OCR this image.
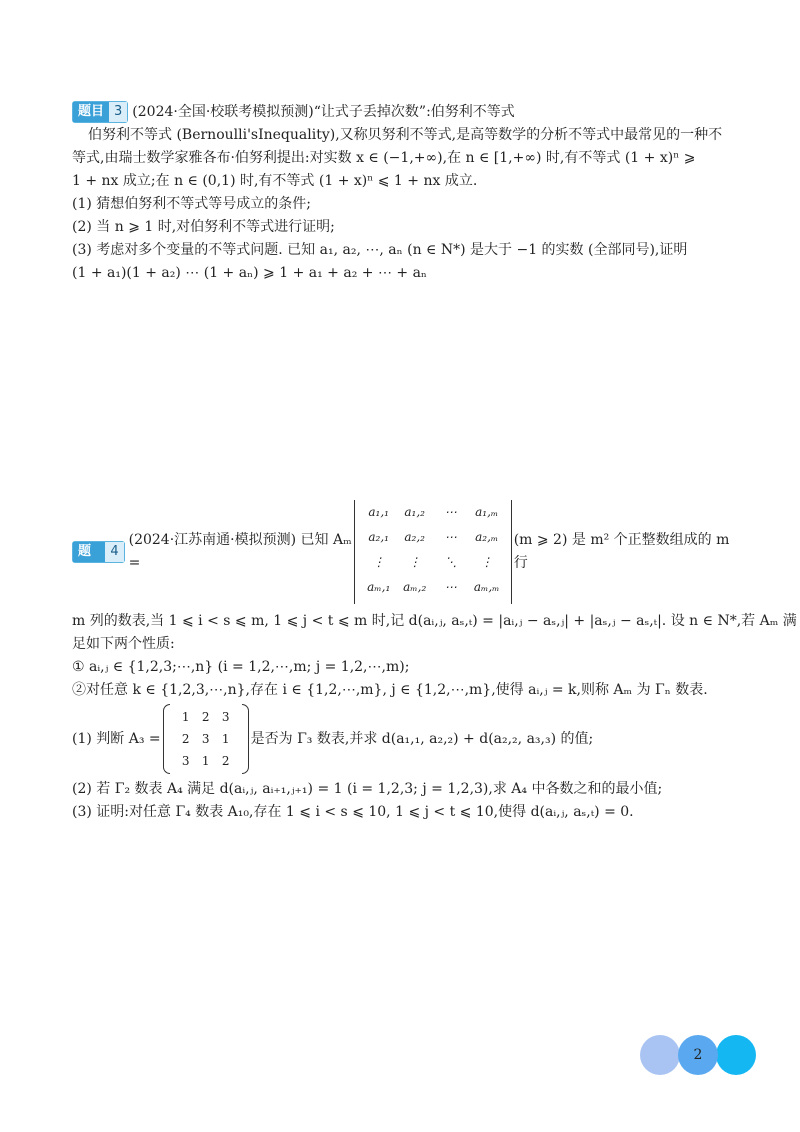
题目 3 (2024·全国·校联考模拟预测)“让式子丢掉次数”:伯努利不等式
伯努利不等式 (Bernoulli'sInequality),又称贝努利不等式,是高等数学的分析不等式中最常见的一种不
等式,由瑞士数学家雅各布·伯努利提出:对实数 x ∈ (−1,+∞),在 n ∈ [1,+∞) 时,有不等式 (1 + x)ⁿ ⩾
1 + nx 成立;在 n ∈ (0,1) 时,有不等式 (1 + x)ⁿ ⩽ 1 + nx 成立.
(1) 猜想伯努利不等式等号成立的条件;
(2) 当 n ⩾ 1 时,对伯努利不等式进行证明;
(3) 考虑对多个变量的不等式问题. 已知 a₁, a₂, ⋯, aₙ (n ∈ N*) 是大于 −1 的实数 (全部同号),证明
(1 + a₁)(1 + a₂) ⋯ (1 + aₙ) ⩾ 1 + a₁ + a₂ + ⋯ + aₙ
题目
4
(2024·江苏南通·模拟预测) 已知 Aₘ =
a₁,₁	a₁,₂	⋯	a₁,ₘ
a₂,₁	a₂,₂	⋯	a₂,ₘ
⋮	⋮	⋱	⋮
aₘ,₁	aₘ,₂	⋯	aₘ,ₘ
(m ⩾ 2) 是 m² 个正整数组成的 m 行
m 列的数表,当 1 ⩽ i < s ⩽ m, 1 ⩽ j < t ⩽ m 时,记 d(aᵢ,ⱼ, aₛ,ₜ) = |aᵢ,ⱼ − aₛ,ⱼ| + |aₛ,ⱼ − aₛ,ₜ|. 设 n ∈ N*,若 Aₘ 满
足如下两个性质:
① aᵢ,ⱼ ∈ {1,2,3;⋯,n} (i = 1,2,⋯,m; j = 1,2,⋯,m);
②对任意 k ∈ {1,2,3,⋯,n},存在 i ∈ {1,2,⋯,m}, j ∈ {1,2,⋯,m},使得 aᵢ,ⱼ = k,则称 Aₘ 为 Γₙ 数表.
(1) 判断 A₃ =
1	2	3
2	3	1
3	1	2
是否为 Γ₃ 数表,并求 d(a₁,₁, a₂,₂) + d(a₂,₂, a₃,₃) 的值;
(2) 若 Γ₂ 数表 A₄ 满足 d(aᵢ,ⱼ, aᵢ₊₁,ⱼ₊₁) = 1 (i = 1,2,3; j = 1,2,3),求 A₄ 中各数之和的最小值;
(3) 证明:对任意 Γ₄ 数表 A₁₀,存在 1 ⩽ i < s ⩽ 10, 1 ⩽ j < t ⩽ 10,使得 d(aᵢ,ⱼ, aₛ,ₜ) = 0.
2
